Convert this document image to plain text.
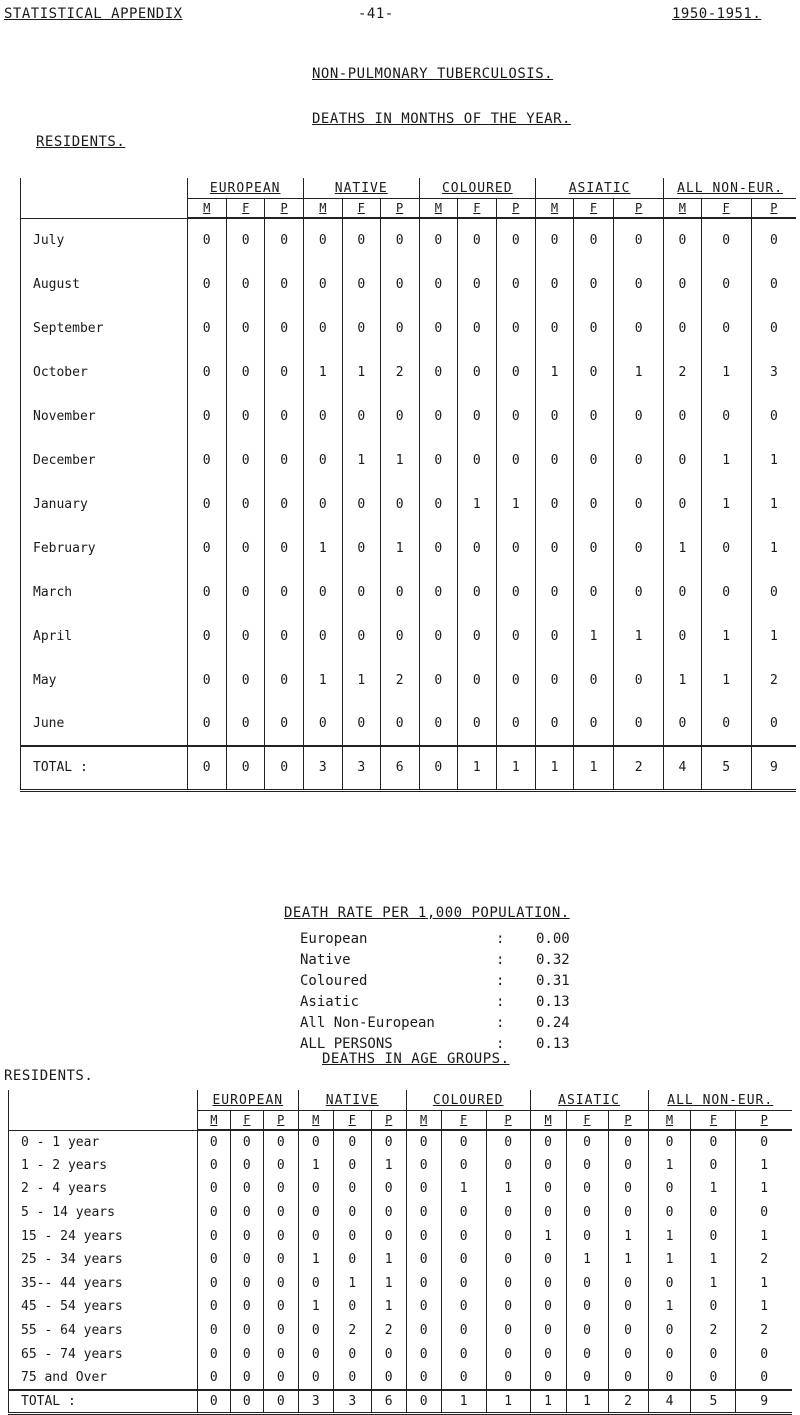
STATISTICAL APPENDIX	-41-	1950-1951.
NON-PULMONARY TUBERCULOSIS.
DEATHS IN MONTHS OF THE YEAR.
RESIDENTS.
	EUROPEAN			NATIVE			COLOURED			ASIATIC			ALL NON-EUR.		
	M	F	P	M	F	P	M	F	P	M	F	P	M	F	P
July	0	0	0	0	0	0	0	0	0	0	0	0	0	0	0
August	0	0	0	0	0	0	0	0	0	0	0	0	0	0	0
September	0	0	0	0	0	0	0	0	0	0	0	0	0	0	0
October	0	0	0	1	1	2	0	0	0	1	0	1	2	1	3
November	0	0	0	0	0	0	0	0	0	0	0	0	0	0	0
December	0	0	0	0	1	1	0	0	0	0	0	0	0	1	1
January	0	0	0	0	0	0	0	1	1	0	0	0	0	1	1
February	0	0	0	1	0	1	0	0	0	0	0	0	1	0	1
March	0	0	0	0	0	0	0	0	0	0	0	0	0	0	0
April	0	0	0	0	0	0	0	0	0	0	1	1	0	1	1
May	0	0	0	1	1	2	0	0	0	0	0	0	1	1	2
June	0	0	0	0	0	0	0	0	0	0	0	0	0	0	0
TOTAL :	0	0	0	3	3	6	0	1	1	1	1	2	4	5	9
DEATH RATE PER 1,000 POPULATION.
European	:	0.00
Native	:	0.32
Coloured	:	0.31
Asiatic	:	0.13
All Non-European	:	0.24
ALL PERSONS	:	0.13
DEATHS IN AGE GROUPS.
RESIDENTS.
	EUROPEAN			NATIVE			COLOURED			ASIATIC			ALL NON-EUR.		
	M	F	P	M	F	P	M	F	P	M	F	P	M	F	P
0 - 1 year	0	0	0	0	0	0	0	0	0	0	0	0	0	0	0
1 - 2 years	0	0	0	1	0	1	0	0	0	0	0	0	1	0	1
2 - 4 years	0	0	0	0	0	0	0	1	1	0	0	0	0	1	1
5 - 14 years	0	0	0	0	0	0	0	0	0	0	0	0	0	0	0
15 - 24 years	0	0	0	0	0	0	0	0	0	1	0	1	1	0	1
25 - 34 years	0	0	0	1	0	1	0	0	0	0	1	1	1	1	2
35-- 44 years	0	0	0	0	1	1	0	0	0	0	0	0	0	1	1
45 - 54 years	0	0	0	1	0	1	0	0	0	0	0	0	1	0	1
55 - 64 years	0	0	0	0	2	2	0	0	0	0	0	0	0	2	2
65 - 74 years	0	0	0	0	0	0	0	0	0	0	0	0	0	0	0
75 and Over	0	0	0	0	0	0	0	0	0	0	0	0	0	0	0
TOTAL :	0	0	0	3	3	6	0	1	1	1	1	2	4	5	9
